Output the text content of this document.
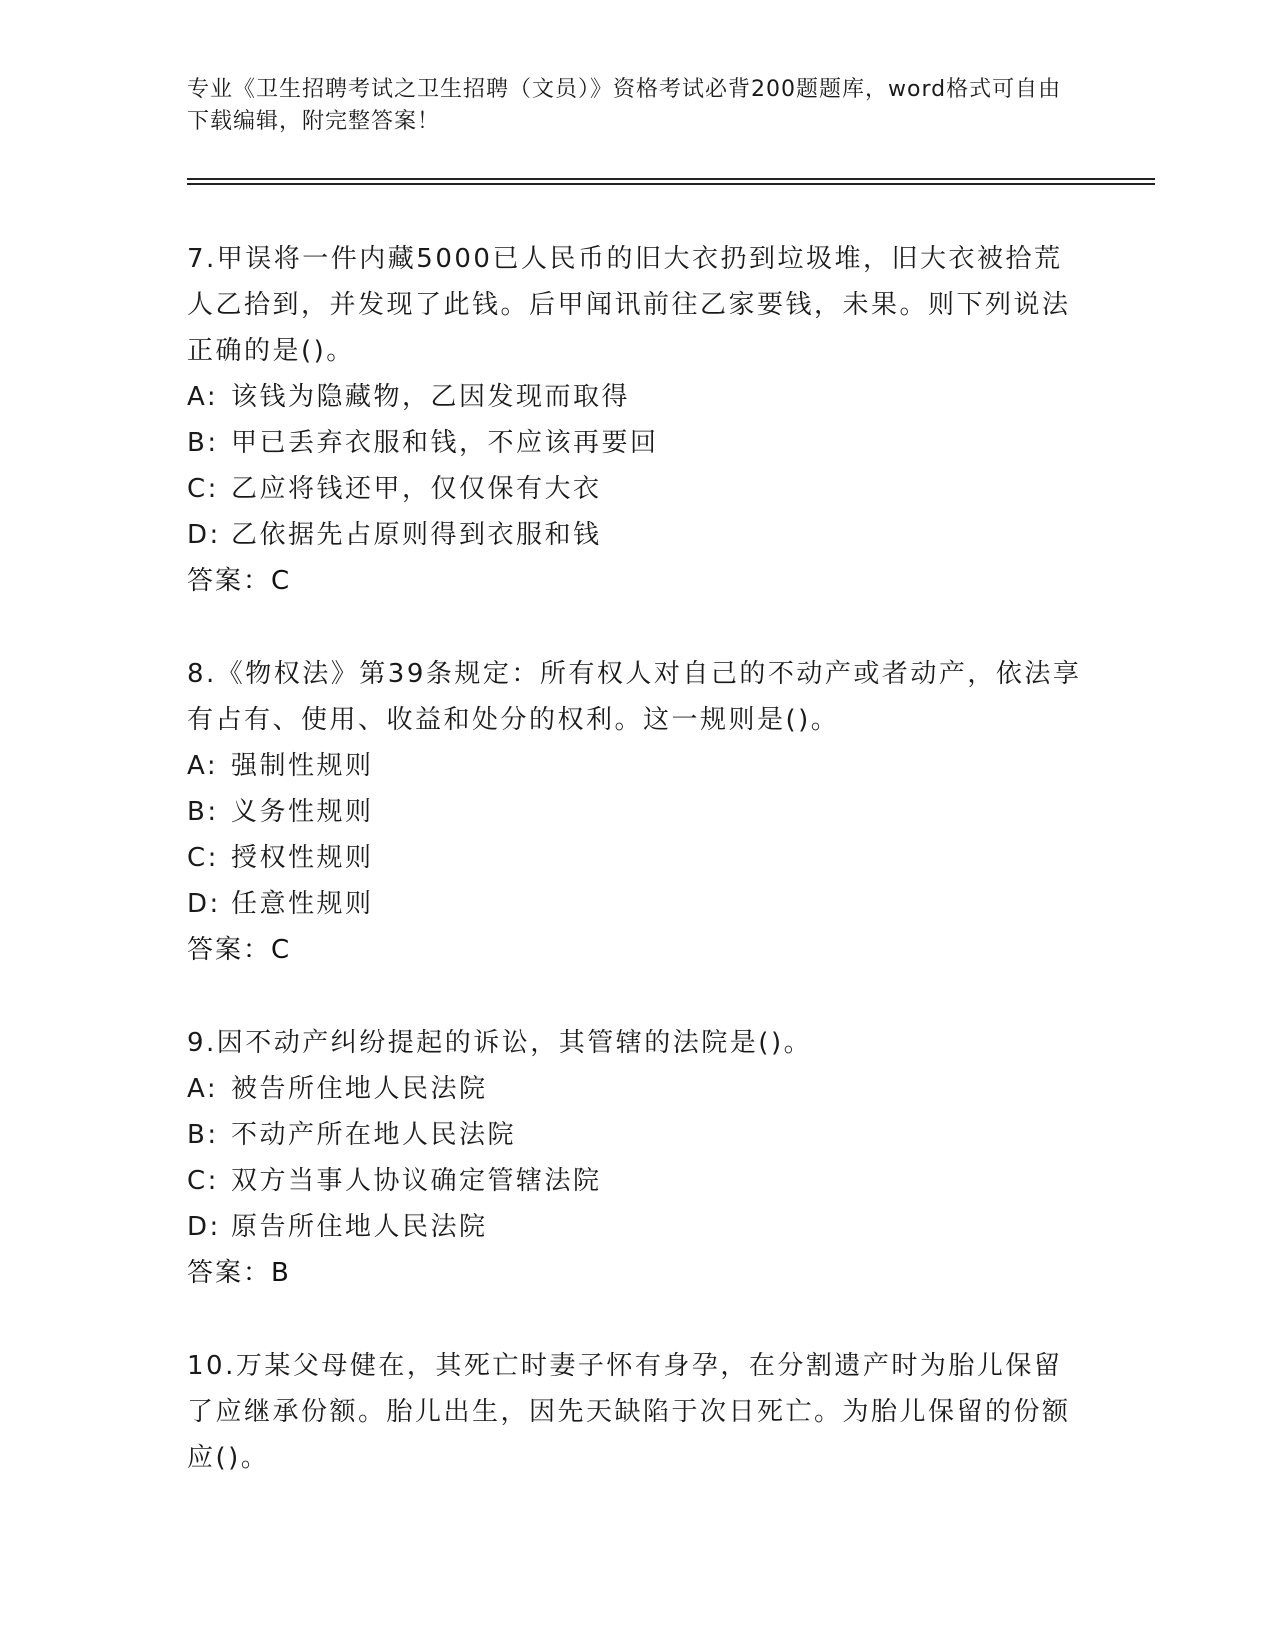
专业《卫生招聘考试之卫生招聘（文员）》资格考试必背200题题库，word格式可自由下载编辑，附完整答案！
7.甲误将一件内藏5000已人民币的旧大衣扔到垃圾堆，旧大衣被拾荒人乙拾到，并发现了此钱。后甲闻讯前往乙家要钱，未果。则下列说法正确的是()。
A: 该钱为隐藏物，乙因发现而取得
B: 甲已丢弃衣服和钱，不应该再要回
C: 乙应将钱还甲，仅仅保有大衣
D: 乙依据先占原则得到衣服和钱
答案：C
8.《物权法》第39条规定：所有权人对自己的不动产或者动产，依法享有占有、使用、收益和处分的权利。这一规则是()。
A: 强制性规则
B: 义务性规则
C: 授权性规则
D: 任意性规则
答案：C
9.因不动产纠纷提起的诉讼，其管辖的法院是()。
A: 被告所住地人民法院
B: 不动产所在地人民法院
C: 双方当事人协议确定管辖法院
D: 原告所住地人民法院
答案：B
10.万某父母健在，其死亡时妻子怀有身孕，在分割遗产时为胎儿保留了应继承份额。胎儿出生，因先天缺陷于次日死亡。为胎儿保留的份额应()。
